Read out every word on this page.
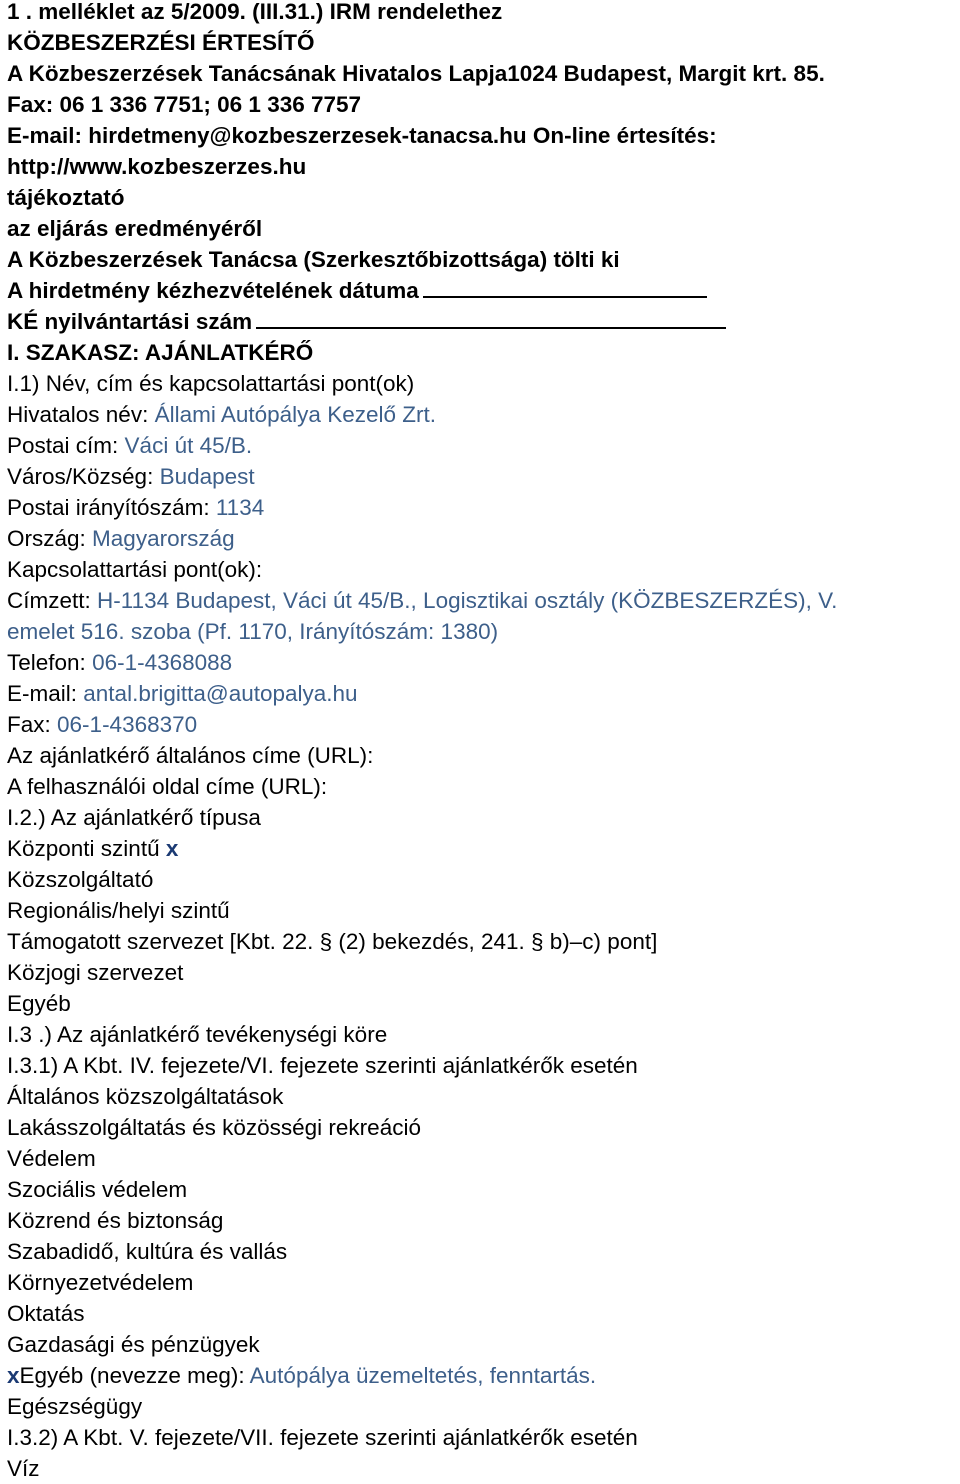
1 . melléklet az 5/2009. (III.31.) IRM rendelethez
KÖZBESZERZÉSI ÉRTESÍTŐ
A Közbeszerzések Tanácsának Hivatalos Lapja1024 Budapest, Margit krt. 85.
Fax: 06 1 336 7751; 06 1 336 7757
E-mail: hirdetmeny@kozbeszerzesek-tanacsa.hu On-line értesítés:
http://www.kozbeszerzes.hu
tájékoztató
az eljárás eredményéről
A Közbeszerzések Tanácsa (Szerkesztőbizottsága) tölti ki
A hirdetmény kézhezvételének dátuma
KÉ nyilvántartási szám
I. SZAKASZ: AJÁNLATKÉRŐ
I.1) Név, cím és kapcsolattartási pont(ok)
Hivatalos név: Állami Autópálya Kezelő Zrt.
Postai cím: Váci út 45/B.
Város/Község: Budapest
Postai irányítószám: 1134
Ország: Magyarország
Kapcsolattartási pont(ok):
Címzett: H-1134 Budapest, Váci út 45/B., Logisztikai osztály (KÖZBESZERZÉS), V.
emelet 516. szoba (Pf. 1170, Irányítószám: 1380)
Telefon: 06-1-4368088
E-mail: antal.brigitta@autopalya.hu
Fax: 06-1-4368370
Az ajánlatkérő általános címe (URL):
A felhasználói oldal címe (URL):
I.2.) Az ajánlatkérő típusa
Központi szintű x
Közszolgáltató
Regionális/helyi szintű
Támogatott szervezet [Kbt. 22. § (2) bekezdés, 241. § b)–c) pont]
Közjogi szervezet
Egyéb
I.3 .) Az ajánlatkérő tevékenységi köre
I.3.1) A Kbt. IV. fejezete/VI. fejezete szerinti ajánlatkérők esetén
Általános közszolgáltatások
Lakásszolgáltatás és közösségi rekreáció
Védelem
Szociális védelem
Közrend és biztonság
Szabadidő, kultúra és vallás
Környezetvédelem
Oktatás
Gazdasági és pénzügyek
xEgyéb (nevezze meg): Autópálya üzemeltetés, fenntartás.
Egészségügy
I.3.2) A Kbt. V. fejezete/VII. fejezete szerinti ajánlatkérők esetén
Víz
